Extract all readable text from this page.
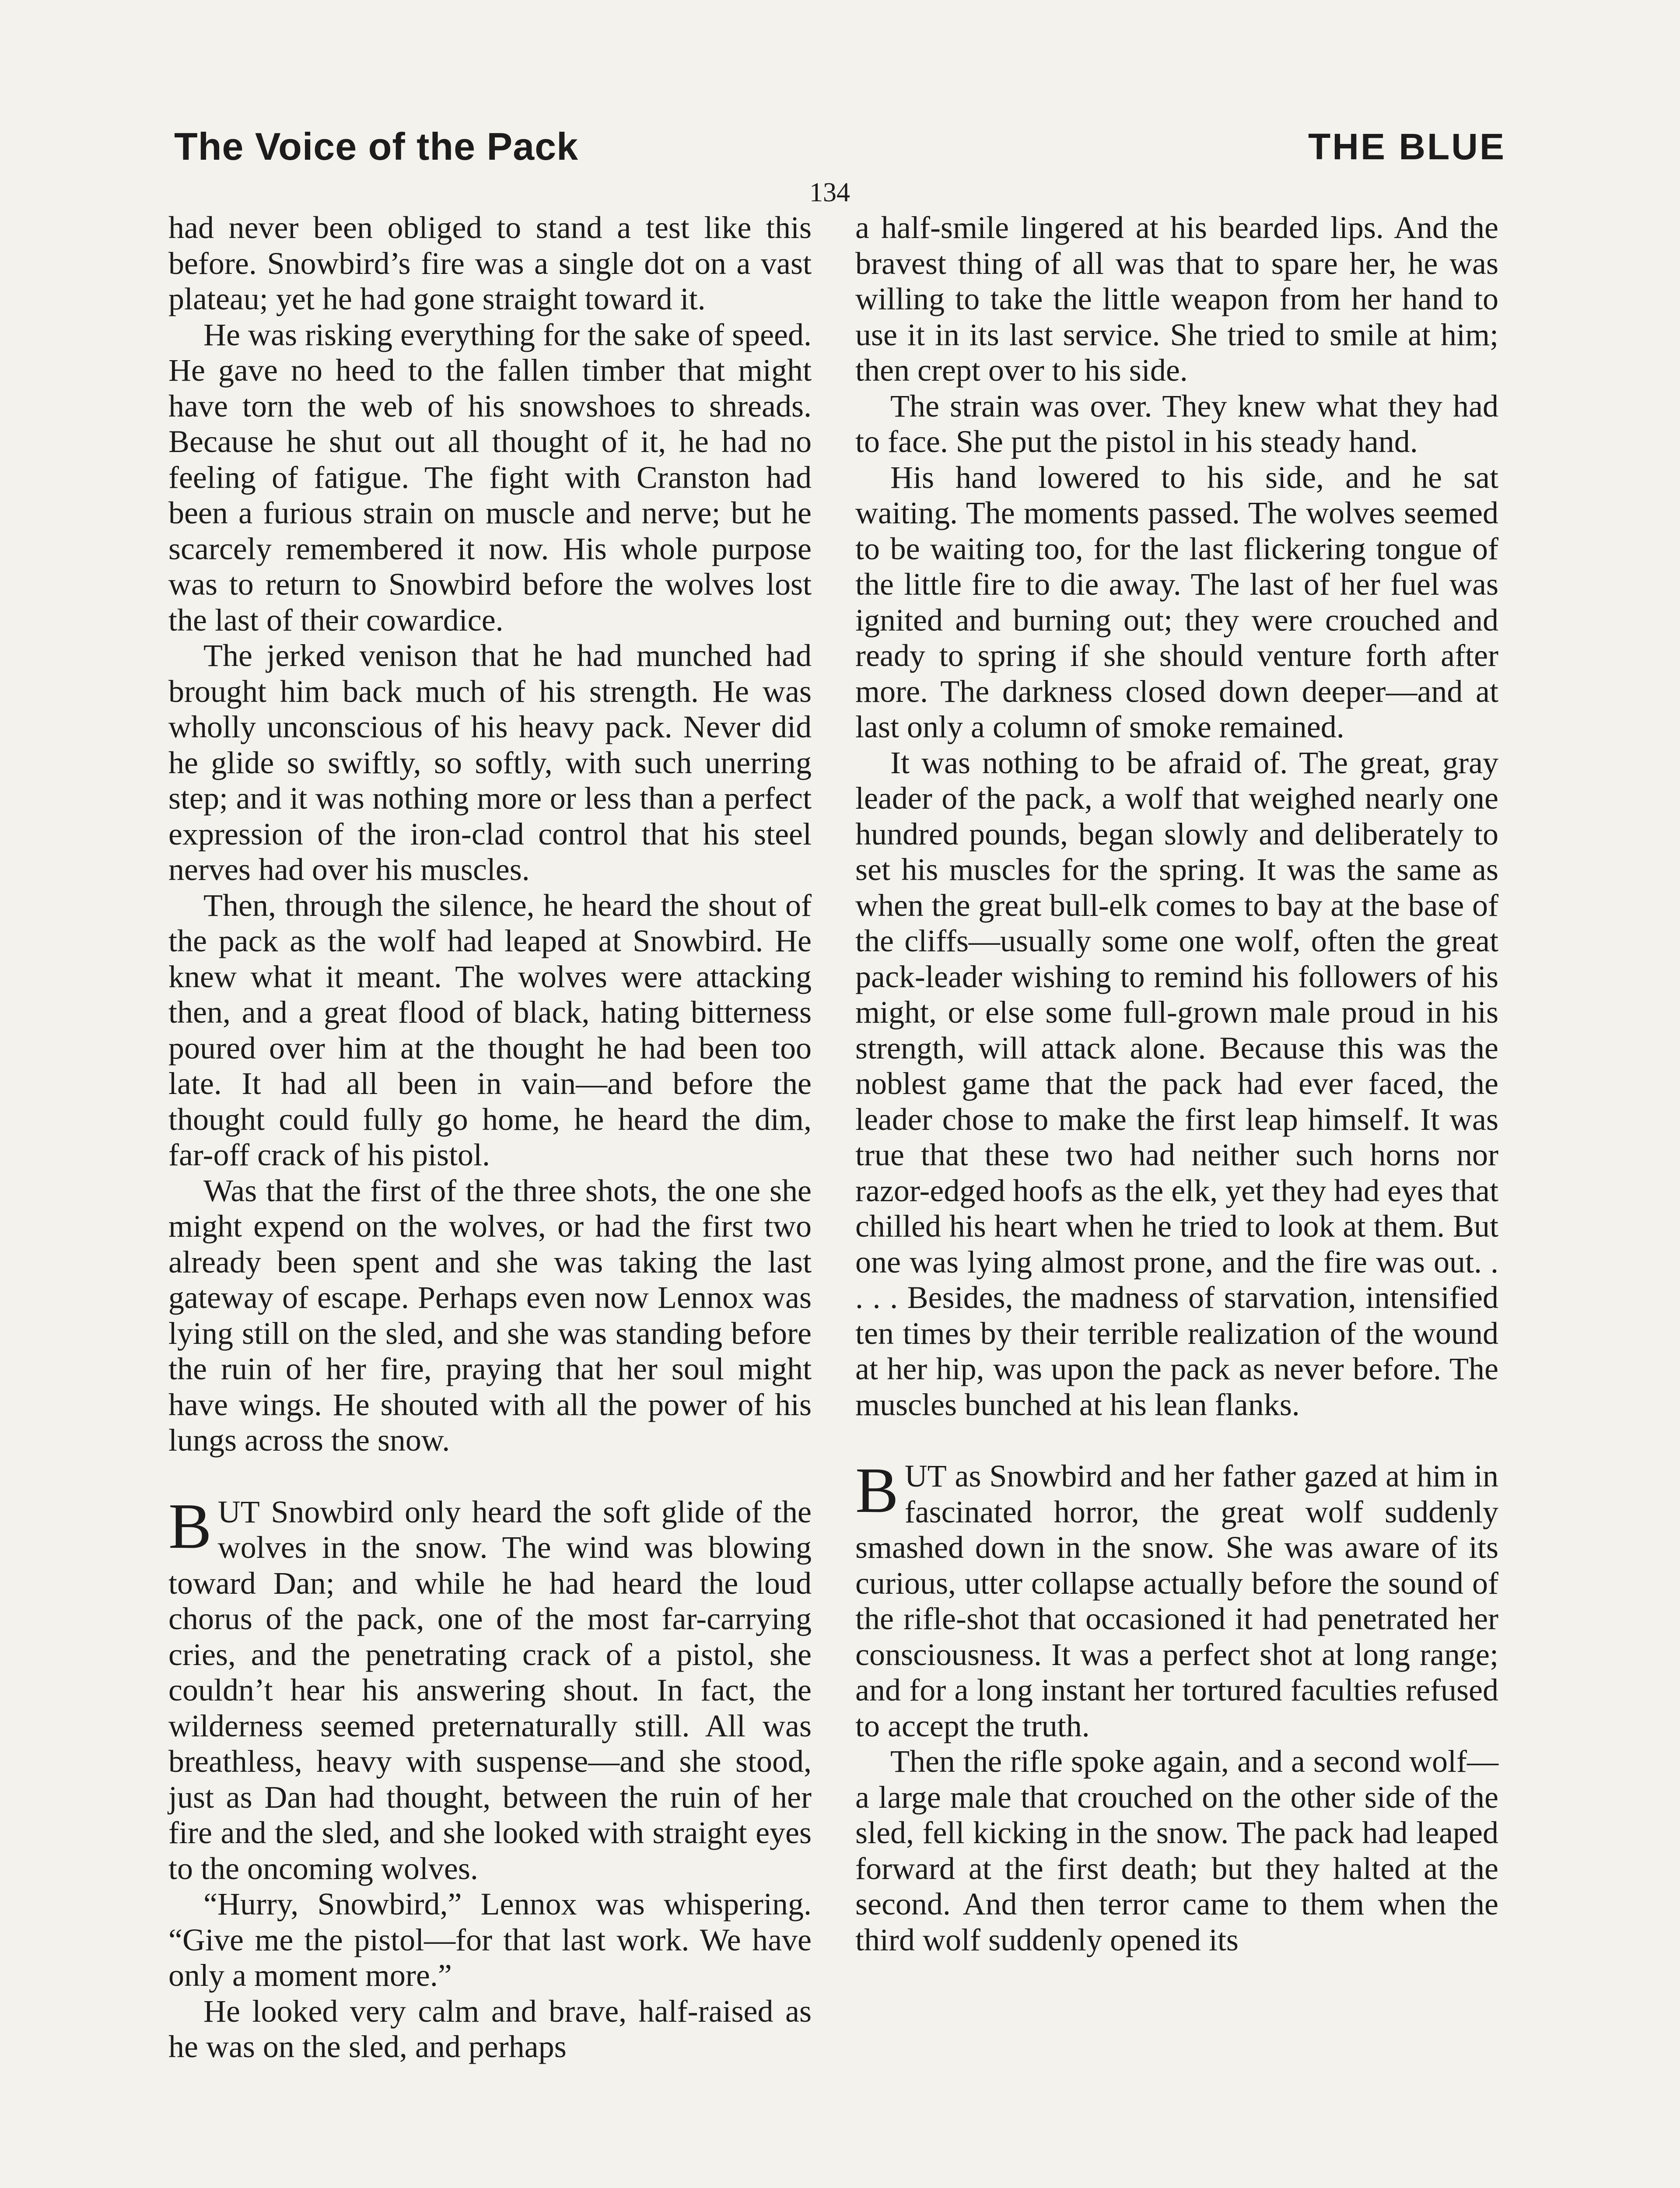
The Voice of the Pack	THE BLUE
134

had never been obliged to stand a test like this before. Snowbird’s fire was a single dot on a vast plateau; yet he had gone straight toward it.

He was risking everything for the sake of speed. He gave no heed to the fallen timber that might have torn the web of his snowshoes to shreads. Because he shut out all thought of it, he had no feeling of fatigue. The fight with Cranston had been a furious strain on muscle and nerve; but he scarcely remembered it now. His whole purpose was to return to Snowbird before the wolves lost the last of their cowardice.

The jerked venison that he had munched had brought him back much of his strength. He was wholly unconscious of his heavy pack. Never did he glide so swiftly, so softly, with such unerring step; and it was nothing more or less than a perfect expression of the iron-clad control that his steel nerves had over his muscles.

Then, through the silence, he heard the shout of the pack as the wolf had leaped at Snowbird. He knew what it meant. The wolves were attacking then, and a great flood of black, hating bitterness poured over him at the thought he had been too late. It had all been in vain—and before the thought could fully go home, he heard the dim, far-off crack of his pistol.

Was that the first of the three shots, the one she might expend on the wolves, or had the first two already been spent and she was taking the last gateway of escape. Perhaps even now Lennox was lying still on the sled, and she was standing before the ruin of her fire, praying that her soul might have wings. He shouted with all the power of his lungs across the snow.

BUT Snowbird only heard the soft glide of the wolves in the snow. The wind was blowing toward Dan; and while he had heard the loud chorus of the pack, one of the most far-carrying cries, and the penetrating crack of a pistol, she couldn’t hear his answering shout. In fact, the wilderness seemed preternaturally still. All was breathless, heavy with suspense—and she stood, just as Dan had thought, between the ruin of her fire and the sled, and she looked with straight eyes to the oncoming wolves.

“Hurry, Snowbird,” Lennox was whispering. “Give me the pistol—for that last work. We have only a moment more.”

He looked very calm and brave, half-raised as he was on the sled, and perhaps

a half-smile lingered at his bearded lips. And the bravest thing of all was that to spare her, he was willing to take the little weapon from her hand to use it in its last service. She tried to smile at him; then crept over to his side.

The strain was over. They knew what they had to face. She put the pistol in his steady hand.

His hand lowered to his side, and he sat waiting. The moments passed. The wolves seemed to be waiting too, for the last flickering tongue of the little fire to die away. The last of her fuel was ignited and burning out; they were crouched and ready to spring if she should venture forth after more. The darkness closed down deeper—and at last only a column of smoke remained.

It was nothing to be afraid of. The great, gray leader of the pack, a wolf that weighed nearly one hundred pounds, began slowly and deliberately to set his muscles for the spring. It was the same as when the great bull-elk comes to bay at the base of the cliffs—usually some one wolf, often the great pack-leader wishing to remind his followers of his might, or else some full-grown male proud in his strength, will attack alone. Because this was the noblest game that the pack had ever faced, the leader chose to make the first leap himself. It was true that these two had neither such horns nor razor-edged hoofs as the elk, yet they had eyes that chilled his heart when he tried to look at them. But one was lying almost prone, and the fire was out. . . . . Besides, the madness of starvation, intensified ten times by their terrible realization of the wound at her hip, was upon the pack as never before. The muscles bunched at his lean flanks.

BUT as Snowbird and her father gazed at him in fascinated horror, the great wolf suddenly smashed down in the snow. She was aware of its curious, utter collapse actually before the sound of the rifle-shot that occasioned it had penetrated her consciousness. It was a perfect shot at long range; and for a long instant her tortured faculties refused to accept the truth.

Then the rifle spoke again, and a second wolf—a large male that crouched on the other side of the sled, fell kicking in the snow. The pack had leaped forward at the first death; but they halted at the second. And then terror came to them when the third wolf suddenly opened its
